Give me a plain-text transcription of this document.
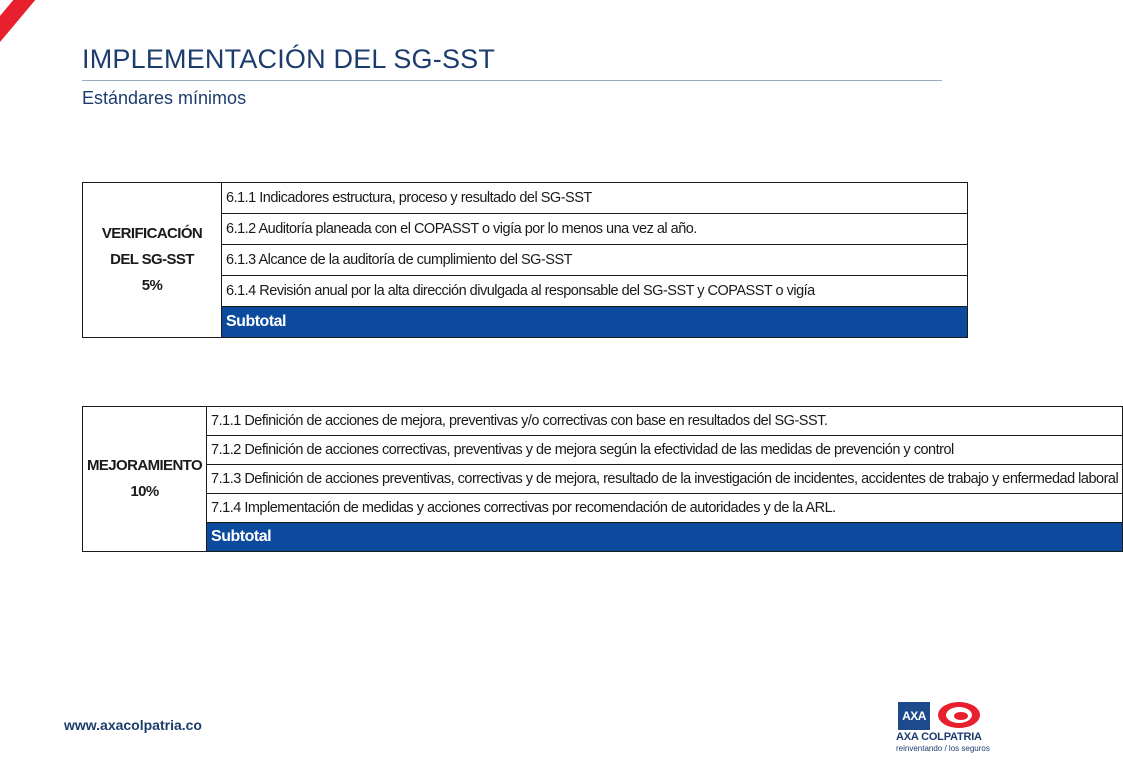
IMPLEMENTACIÓN DEL SG-SST
Estándares mínimos
VERIFICACIÓN DEL SG-SST
5%
	6.1.1 Indicadores estructura, proceso y resultado del SG-SST
6.1.2 Auditoría planeada con el COPASST o vigía por lo menos una vez al año.
6.1.3 Alcance de la auditoría de cumplimiento del SG-SST
6.1.4 Revisión anual por la alta dirección divulgada al responsable del SG-SST y COPASST o vigía
Subtotal
MEJORAMIENTO
10%
	7.1.1 Definición de acciones de mejora, preventivas y/o correctivas con base en resultados del SG-SST.
7.1.2 Definición de acciones correctivas, preventivas y de mejora según la efectividad de las medidas de prevención y control
7.1.3 Definición de acciones preventivas, correctivas y de mejora, resultado de la investigación de incidentes, accidentes de trabajo y enfermedad laboral
7.1.4 Implementación de medidas y acciones correctivas por recomendación de autoridades y de la ARL.
Subtotal
www.axacolpatria.co
AXA
AXA COLPATRIA
reinventando / los seguros
